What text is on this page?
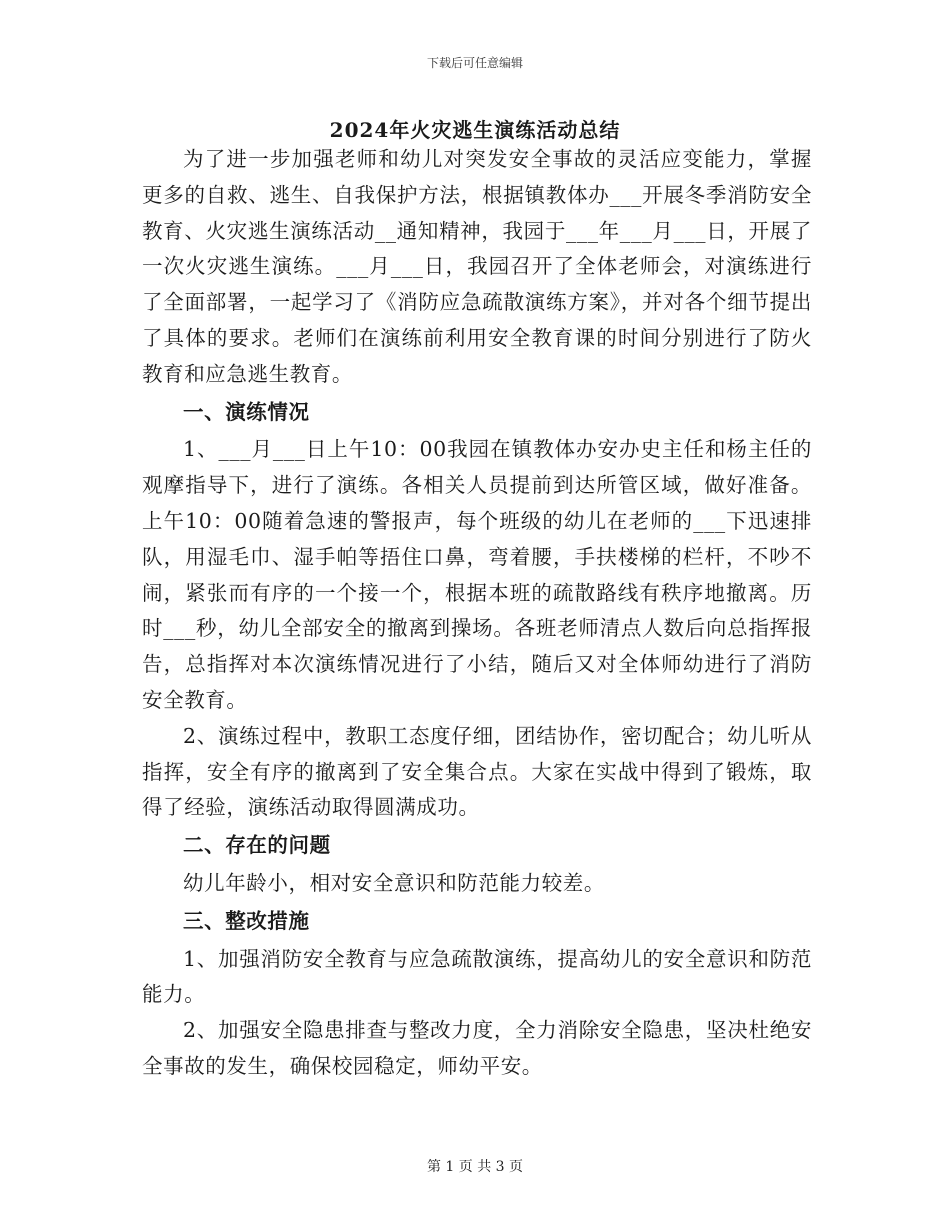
下载后可任意编辑
2024年火灾逃生演练活动总结

为了进一步加强老师和幼儿对突发安全事故的灵活应变能力，掌握更多的自救、逃生、自我保护方法，根据镇教体办___开展冬季消防安全教育、火灾逃生演练活动__通知精神，我园于___年___月___日，开展了一次火灾逃生演练。___月___日，我园召开了全体老师会，对演练进行了全面部署，一起学习了《消防应急疏散演练方案》，并对各个细节提出了具体的要求。老师们在演练前利用安全教育课的时间分别进行了防火教育和应急逃生教育。

一、演练情况

1、___月___日上午10：00我园在镇教体办安办史主任和杨主任的观摩指导下，进行了演练。各相关人员提前到达所管区域，做好准备。上午10：00随着急速的警报声，每个班级的幼儿在老师的___下迅速排队，用湿毛巾、湿手帕等捂住口鼻，弯着腰，手扶楼梯的栏杆，不吵不闹，紧张而有序的一个接一个，根据本班的疏散路线有秩序地撤离。历时___秒，幼儿全部安全的撤离到操场。各班老师清点人数后向总指挥报告，总指挥对本次演练情况进行了小结，随后又对全体师幼进行了消防安全教育。

2、演练过程中，教职工态度仔细，团结协作，密切配合；幼儿听从指挥，安全有序的撤离到了安全集合点。大家在实战中得到了锻炼，取得了经验，演练活动取得圆满成功。

二、存在的问题

幼儿年龄小，相对安全意识和防范能力较差。

三、整改措施

1、加强消防安全教育与应急疏散演练，提高幼儿的安全意识和防范能力。

2、加强安全隐患排查与整改力度，全力消除安全隐患，坚决杜绝安全事故的发生，确保校园稳定，师幼平安。

第 1 页 共 3 页
